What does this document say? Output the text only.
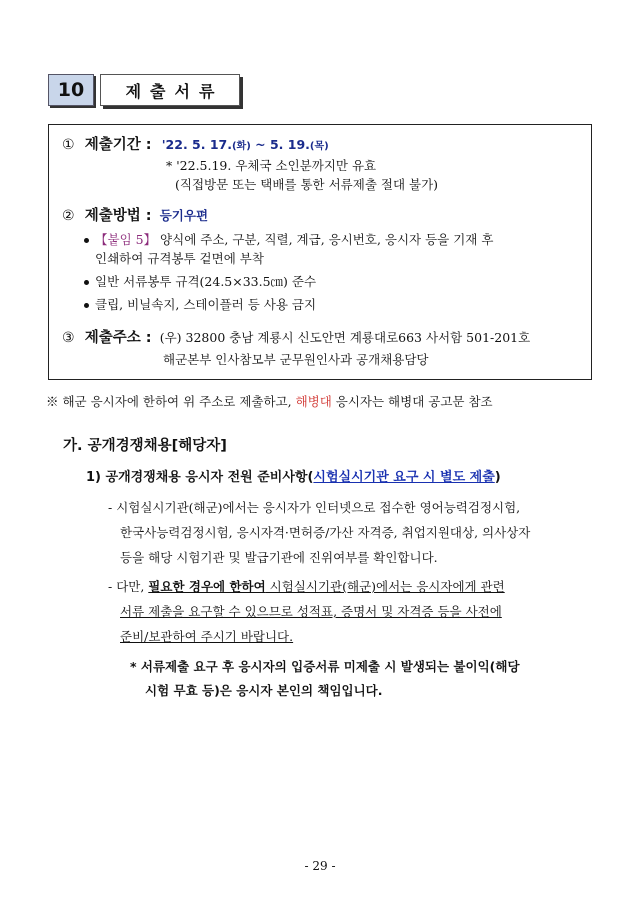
10	제출서류
① 제출기간 : '22. 5. 17.(화) ~ 5. 19.(목)
* '22.5.19. 우체국 소인분까지만 유효
(직접방문 또는 택배를 통한 서류제출 절대 불가)
② 제출방법 : 등기우편
【붙임 5】 양식에 주소, 구분, 직렬, 계급, 응시번호, 응시자 등을 기재 후
인쇄하여 규격봉투 겉면에 부착
일반 서류봉투 규격(24.5×33.5㎝) 준수
클립, 비닐속지, 스테이플러 등 사용 금지
③ 제출주소 : (우) 32800 충남 계룡시 신도안면 계룡대로663 사서함 501-201호
해군본부 인사참모부 군무원인사과 공개채용담당
※ 해군 응시자에 한하여 위 주소로 제출하고, 해병대 응시자는 해병대 공고문 참조
가. 공개경쟁채용[해당자]
1) 공개경쟁채용 응시자 전원 준비사항(시험실시기관 요구 시 별도 제출)
- 시험실시기관(해군)에서는 응시자가 인터넷으로 접수한 영어능력검정시험,
한국사능력검정시험, 응시자격·면허증/가산 자격증, 취업지원대상, 의사상자
등을 해당 시험기관 및 발급기관에 진위여부를 확인합니다.
- 다만, 필요한 경우에 한하여 시험실시기관(해군)에서는 응시자에게 관련
서류 제출을 요구할 수 있으므로 성적표, 증명서 및 자격증 등을 사전에
준비/보관하여 주시기 바랍니다.
* 서류제출 요구 후 응시자의 입증서류 미제출 시 발생되는 불이익(해당
시험 무효 등)은 응시자 본인의 책임입니다.
- 29 -
